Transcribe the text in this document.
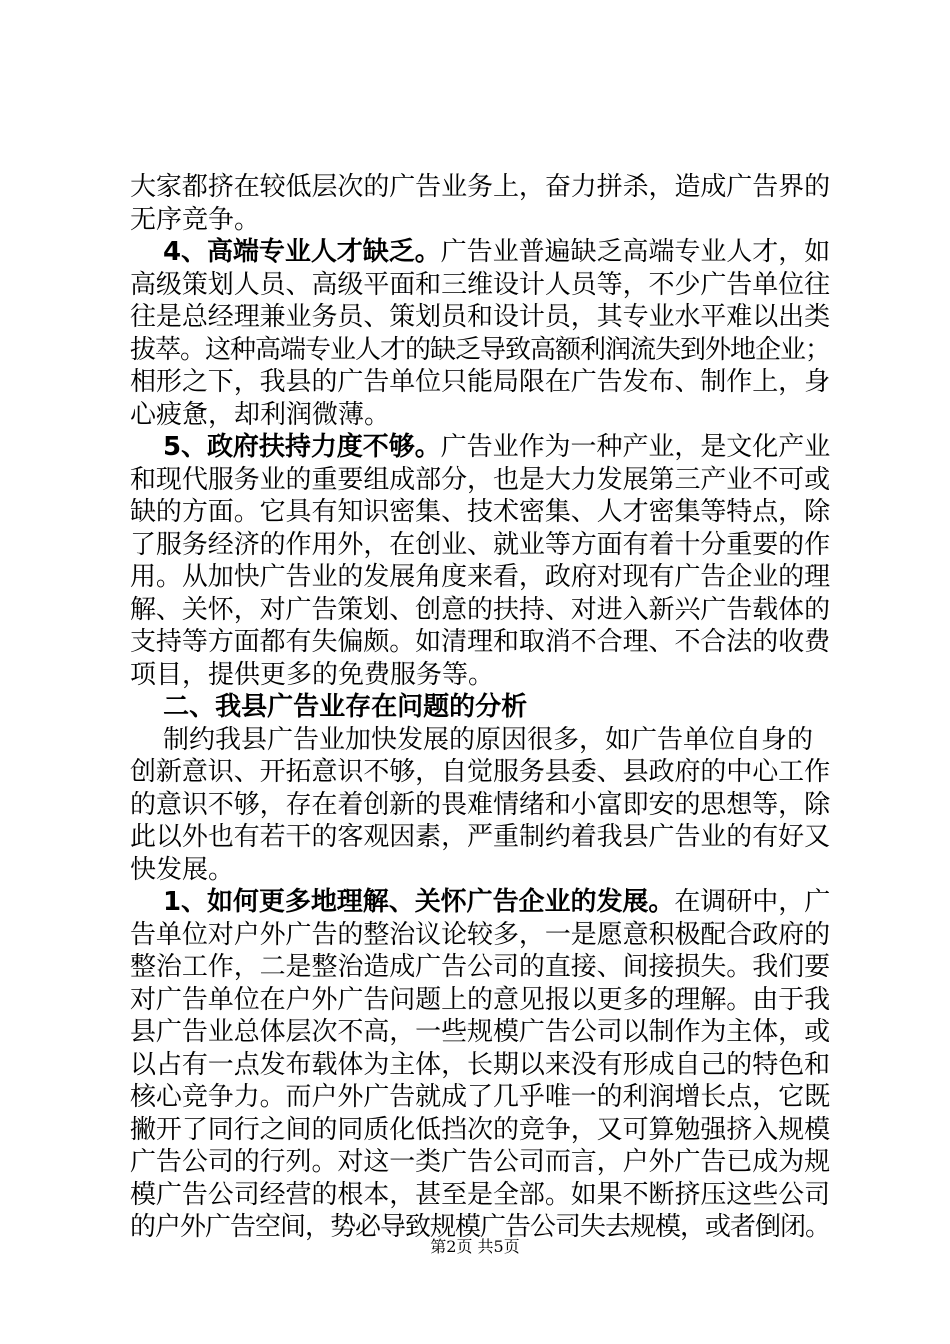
大家都挤在较低层次的广告业务上，奋力拼杀，造成广告界的
无序竞争。
4、高端专业人才缺乏。广告业普遍缺乏高端专业人才，如
高级策划人员、高级平面和三维设计人员等，不少广告单位往
往是总经理兼业务员、策划员和设计员，其专业水平难以出类
拔萃。这种高端专业人才的缺乏导致高额利润流失到外地企业；
相形之下，我县的广告单位只能局限在广告发布、制作上，身
心疲惫，却利润微薄。
5、政府扶持力度不够。广告业作为一种产业，是文化产业
和现代服务业的重要组成部分，也是大力发展第三产业不可或
缺的方面。它具有知识密集、技术密集、人才密集等特点，除
了服务经济的作用外，在创业、就业等方面有着十分重要的作
用。从加快广告业的发展角度来看，政府对现有广告企业的理
解、关怀，对广告策划、创意的扶持、对进入新兴广告载体的
支持等方面都有失偏颇。如清理和取消不合理、不合法的收费
项目，提供更多的免费服务等。
二、我县广告业存在问题的分析
制约我县广告业加快发展的原因很多，如广告单位自身的
创新意识、开拓意识不够，自觉服务县委、县政府的中心工作
的意识不够，存在着创新的畏难情绪和小富即安的思想等，除
此以外也有若干的客观因素，严重制约着我县广告业的有好又
快发展。
1、如何更多地理解、关怀广告企业的发展。在调研中，广
告单位对户外广告的整治议论较多，一是愿意积极配合政府的
整治工作，二是整治造成广告公司的直接、间接损失。我们要
对广告单位在户外广告问题上的意见报以更多的理解。由于我
县广告业总体层次不高，一些规模广告公司以制作为主体，或
以占有一点发布载体为主体，长期以来没有形成自己的特色和
核心竞争力。而户外广告就成了几乎唯一的利润增长点，它既
撇开了同行之间的同质化低挡次的竞争，又可算勉强挤入规模
广告公司的行列。对这一类广告公司而言，户外广告已成为规
模广告公司经营的根本，甚至是全部。如果不断挤压这些公司
的户外广告空间，势必导致规模广告公司失去规模，或者倒闭。
第2页 共5页
